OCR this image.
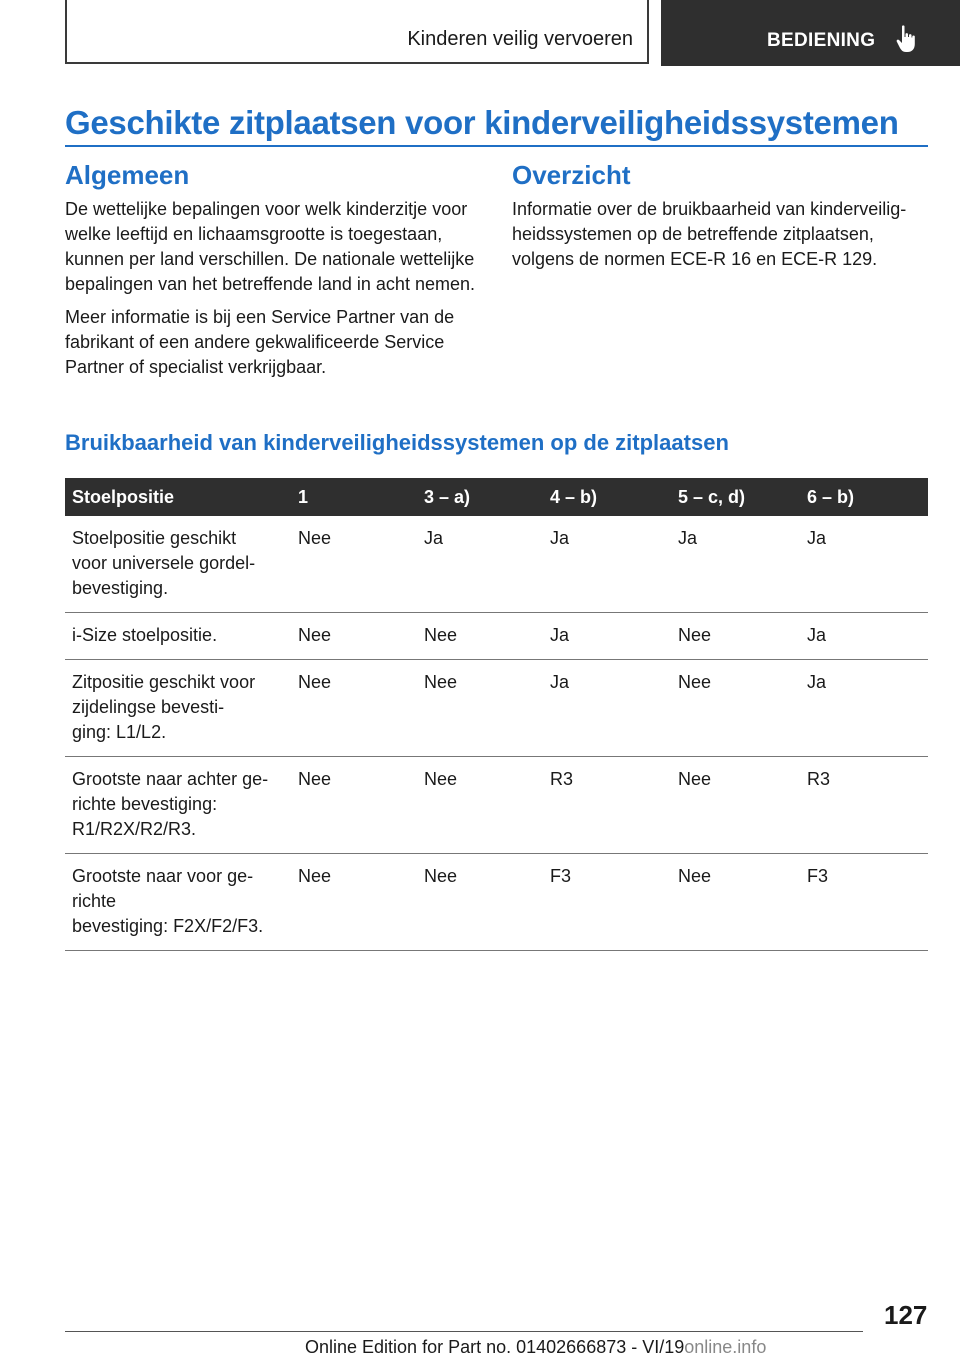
Kinderen veilig vervoeren	BEDIENING
Geschikte zitplaatsen voor kinderveiligheidssystemen
Algemeen

De wettelijke bepalingen voor welk kinderzitje voor welke leeftijd en lichaamsgrootte is toegestaan, kunnen per land verschillen. De nationale wettelijke bepalingen van het betreffende land in acht nemen.

Meer informatie is bij een Service Partner van de fabrikant of een andere gekwalificeerde Service Partner of specialist verkrijgbaar.

Overzicht

Informatie over de bruikbaarheid van kinderveiligheidssystemen op de betreffende zitplaatsen, volgens de normen ECE-R 16 en ECE-R 129.

Bruikbaarheid van kinderveiligheidssystemen op de zitplaatsen
Stoelpositie	1	3 – a)	4 – b)	5 – c, d)	6 – b)
Stoelpositie geschikt
voor universele gordel-
bevestiging.	Nee	Ja	Ja	Ja	Ja
i-Size stoelpositie.	Nee	Nee	Ja	Nee	Ja
Zitpositie geschikt voor
zijdelingse bevesti-
ging: L1/L2.	Nee	Nee	Ja	Nee	Ja
Grootste naar achter ge-
richte bevestiging:
R1/R2X/R2/R3.	Nee	Nee	R3	Nee	R3
Grootste naar voor ge-
richte
bevestiging: F2X/F2/F3.	Nee	Nee	F3	Nee	F3
127
Online Edition for Part no. 01402666873 - VI/19online.info
